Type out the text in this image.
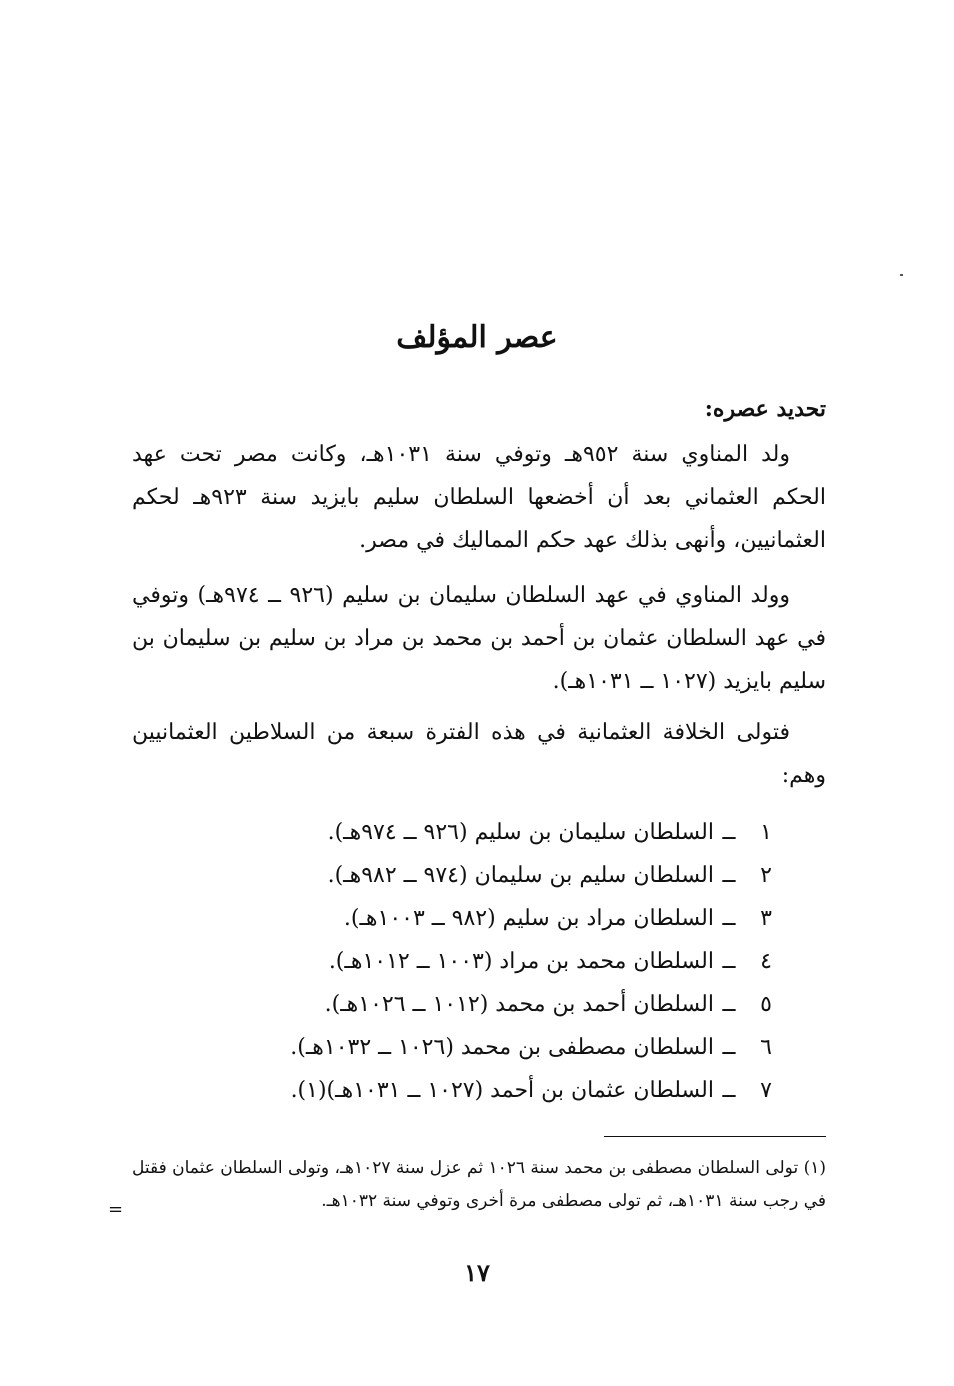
عصر المؤلف
تحديد عصره:

ولد المناوي سنة ٩٥٢هـ وتوفي سنة ١٠٣١هـ، وكانت مصر تحت عهد الحكم العثماني بعد أن أخضعها السلطان سليم بايزيد سنة ٩٢٣هـ لحكم العثمانيين، وأنهى بذلك عهد حكم المماليك في مصر.

وولد المناوي في عهد السلطان سليمان بن سليم (٩٢٦ ــ ٩٧٤هـ) وتوفي في عهد السلطان عثمان بن أحمد بن محمد بن مراد بن سليم بن سليمان بن سليم بايزيد (١٠٢٧ ــ ١٠٣١هـ).

فتولى الخلافة العثمانية في هذه الفترة سبعة من السلاطين العثمانيين وهم:

١ــالسلطان سليمان بن سليم (٩٢٦ ــ ٩٧٤هـ).
٢ــالسلطان سليم بن سليمان (٩٧٤ ــ ٩٨٢هـ).
٣ــالسلطان مراد بن سليم (٩٨٢ ــ ١٠٠٣هـ).
٤ــالسلطان محمد بن مراد (١٠٠٣ ــ ١٠١٢هـ).
٥ــالسلطان أحمد بن محمد (١٠١٢ ــ ١٠٢٦هـ).
٦ــالسلطان مصطفى بن محمد (١٠٢٦ ــ ١٠٣٢هـ).
٧ــالسلطان عثمان بن أحمد (١٠٢٧ ــ ١٠٣١هـ)(١).

(١) تولى السلطان مصطفى بن محمد سنة ١٠٢٦ ثم عزل سنة ١٠٢٧هـ، وتولى السلطان عثمان فقتل في رجب سنة ١٠٣١هـ، ثم تولى مصطفى مرة أخرى وتوفي سنة ١٠٣٢هـ.

=
١٧
